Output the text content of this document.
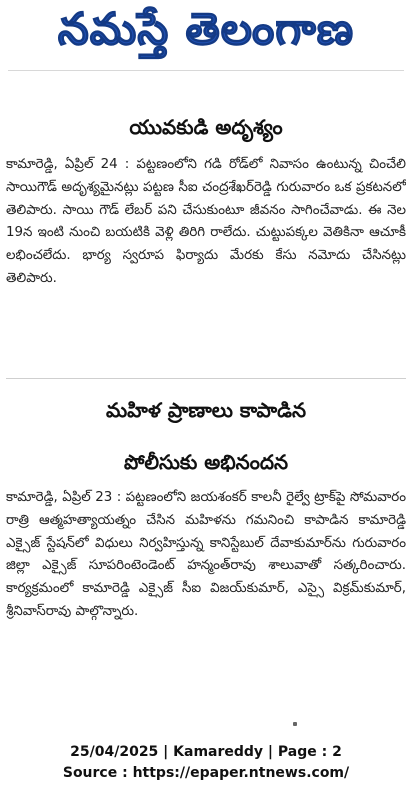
నమస్తే తెలంగాణ
యువకుడి అదృశ్యం

కామారెడ్డి, ఏప్రిల్ 24 : పట్టణంలోని గడి రోడ్‌లో నివాసం ఉంటున్న చించేలి సాయిగౌడ్ అదృశ్యమైనట్లు పట్టణ సీఐ చంద్రశేఖర్‌రెడ్డి గురువారం ఒక ప్రకటనలో తెలిపారు. సాయి గౌడ్ లేబర్ పని చేసుకుంటూ జీవనం సాగించేవాడు. ఈ నెల 19న ఇంటి నుంచి బయటికి వెళ్లి తిరిగి రాలేదు. చుట్టుపక్కల వెతికినా ఆచూకీ లభించలేదు. భార్య స్వరూప ఫిర్యాదు మేరకు కేసు నమోదు చేసినట్లు తెలిపారు.

మహిళ ప్రాణాలు కాపాడిన
పోలీసుకు అభినందన

కామారెడ్డి, ఏప్రిల్ 23 : పట్టణంలోని జయశంకర్ కాలనీ రైల్వే ట్రాక్‌పై సోమవారం రాత్రి ఆత్మహత్యాయత్నం చేసిన మహిళను గమనించి కాపాడిన కామారెడ్డి ఎక్సైజ్ స్టేషన్‌లో విధులు నిర్వహిస్తున్న కానిస్టేబుల్ దేవాకుమార్‌ను గురువారం జిల్లా ఎక్సైజ్ సూపరింటెండెంట్ హన్మంత్‌రావు శాలువాతో సత్కరించారు. కార్యక్రమంలో కామారెడ్డి ఎక్సైజ్ సీఐ విజయ్‌కుమార్, ఎస్సై విక్రమ్‌కుమార్, శ్రీనివాస్‌రావు పాల్గొన్నారు.

25/04/2025 | Kamareddy | Page : 2
Source : https://epaper.ntnews.com/
